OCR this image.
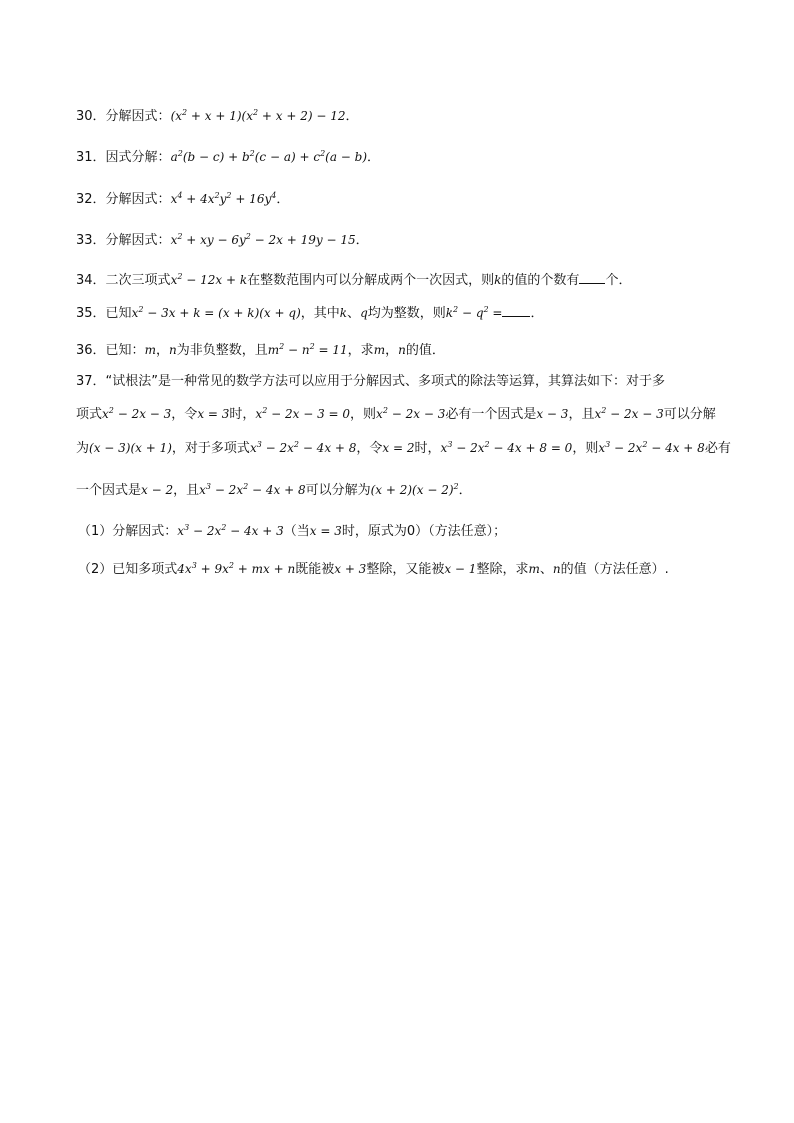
30．分解因式：$(x^2 + x + 1)(x^2 + x + 2) - 12$．
31．因式分解：$a^2(b - c) + b^2(c - a) + c^2(a - b)$．
32．分解因式：$x^4 + 4x^2y^2 + 16y^4$．
33．分解因式：$x^2$ + xy − $6y^2 - 2x + 19y - 15$．
34．二次三项式$x^2 - 12x + k$在整数范围内可以分解成两个一次因式，则k的值的个数有 个．
35．已知$x^2 - 3x + k = (x + k)(x + q)$，其中k、q均为整数，则$k^2 - q^2$ = ．
36．已知：m，n为非负整数，且$m^2 - n^2 = 11$，求m，n的值．
37．“试根法”是一种常见的数学方法可以应用于分解因式、多项式的除法等运算，其算法如下：对于多
项式$x^2 - 2x - 3$，令x = 3时，$x^2 - 2x - 3 = 0$，则$x^2 - 2x - 3$必有一个因式是x − 3，且$x^2 - 2x - 3$可以分解
为(x − 3)(x + 1)，对于多项式$x^3 - 2x^2 - 4x + 8$，令x = 2时，$x^3 - 2x^2 - 4x + 8 = 0$，则$x^3 - 2x^2 - 4x + 8$必有
一个因式是x − 2，且$x^3 - 2x^2 - 4x + 8$可以分解为$(x + 2)(x - 2)^2$．
（1）分解因式：$x^3 - 2x^2 - 4x + 3$（当x = 3时，原式为0）（方法任意）；
（2）已知多项式$4x^3 + 9x^2$ + mx + n既能被x + 3整除，又能被x − 1整除，求m、n的值（方法任意）.
